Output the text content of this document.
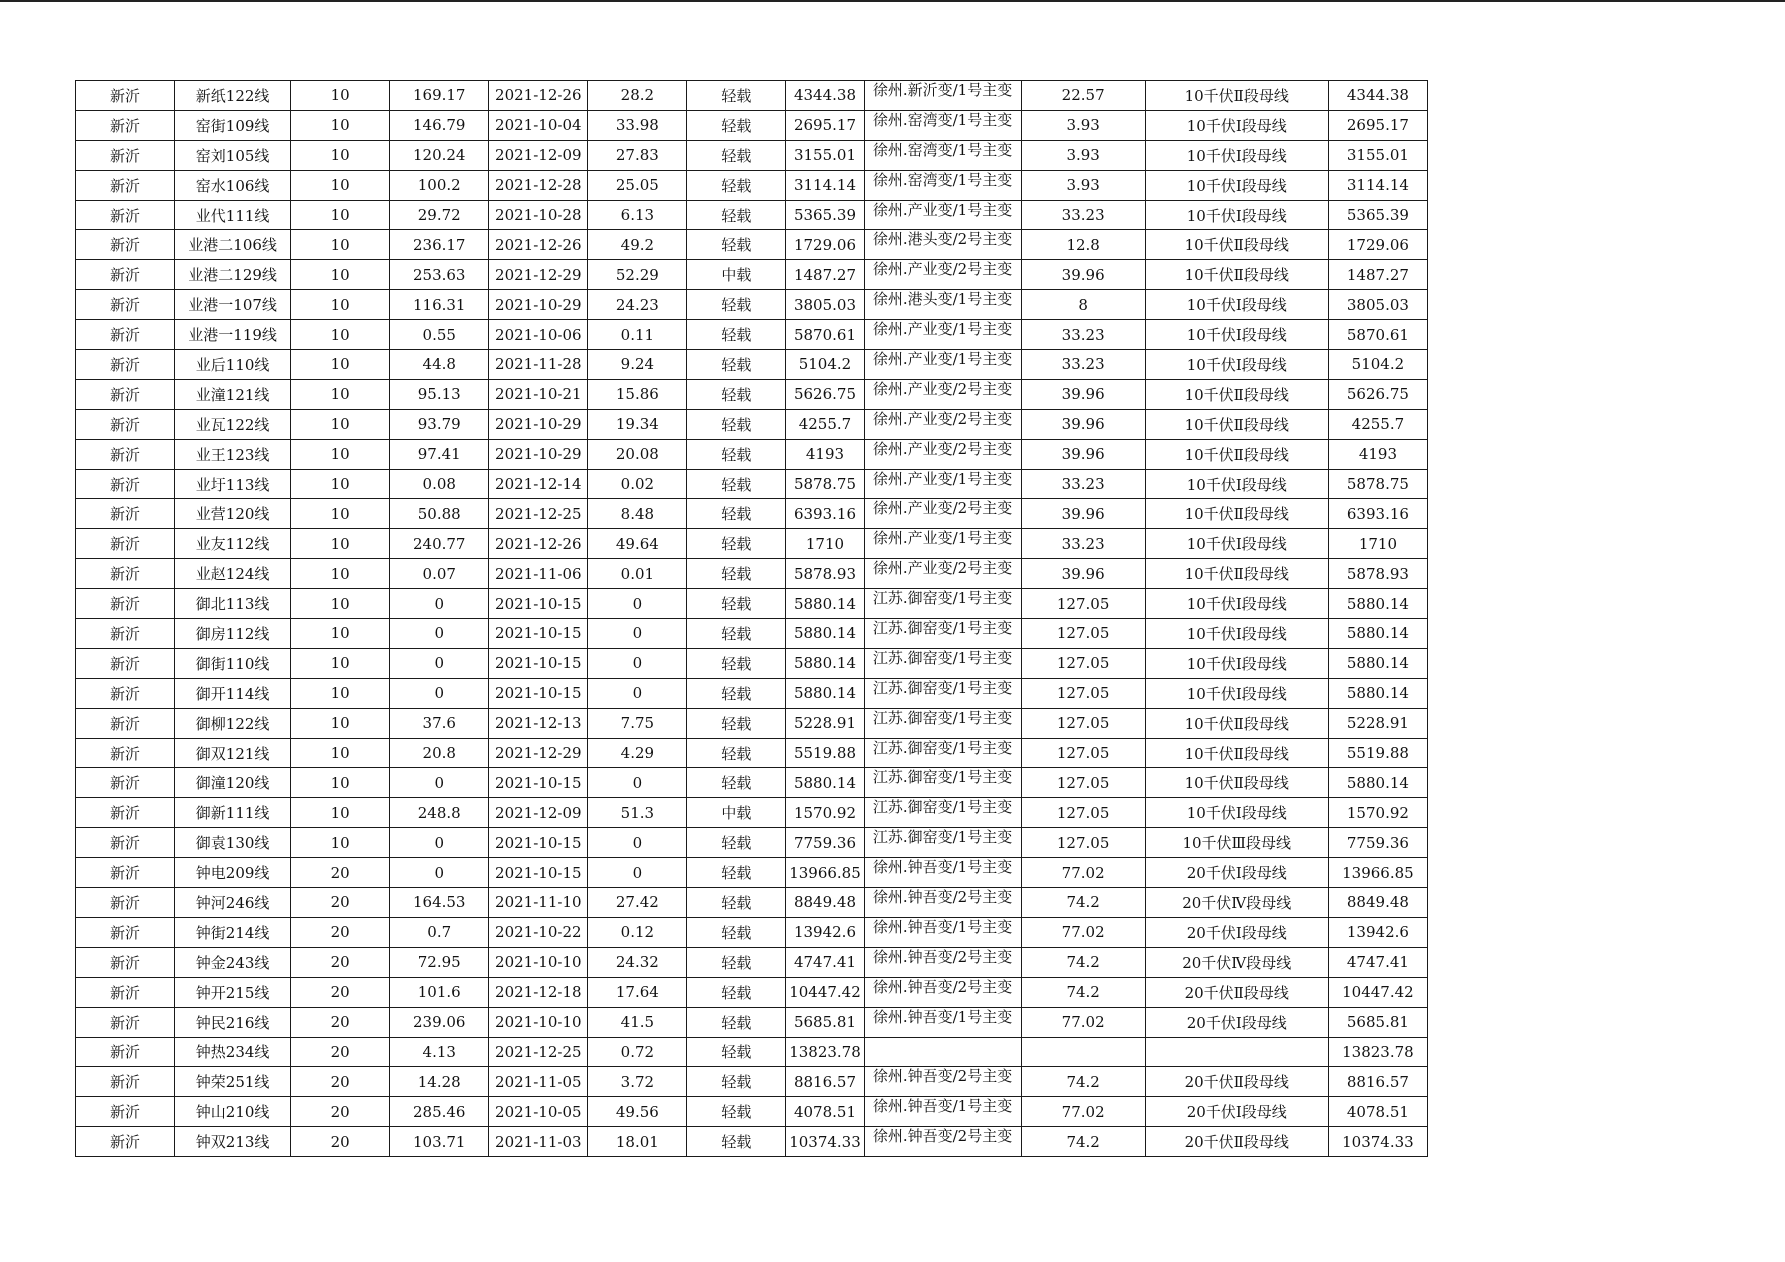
新沂	新纸122线	10	169.17	2021-12-26	28.2	轻载	4344.38	徐州.新沂变/1号主变	22.57	10千伏Ⅱ段母线	4344.38
新沂	窑街109线	10	146.79	2021-10-04	33.98	轻载	2695.17	徐州.窑湾变/1号主变	3.93	10千伏Ⅰ段母线	2695.17
新沂	窑刘105线	10	120.24	2021-12-09	27.83	轻载	3155.01	徐州.窑湾变/1号主变	3.93	10千伏Ⅰ段母线	3155.01
新沂	窑水106线	10	100.2	2021-12-28	25.05	轻载	3114.14	徐州.窑湾变/1号主变	3.93	10千伏Ⅰ段母线	3114.14
新沂	业代111线	10	29.72	2021-10-28	6.13	轻载	5365.39	徐州.产业变/1号主变	33.23	10千伏Ⅰ段母线	5365.39
新沂	业港二106线	10	236.17	2021-12-26	49.2	轻载	1729.06	徐州.港头变/2号主变	12.8	10千伏Ⅱ段母线	1729.06
新沂	业港二129线	10	253.63	2021-12-29	52.29	中载	1487.27	徐州.产业变/2号主变	39.96	10千伏Ⅱ段母线	1487.27
新沂	业港一107线	10	116.31	2021-10-29	24.23	轻载	3805.03	徐州.港头变/1号主变	8	10千伏Ⅰ段母线	3805.03
新沂	业港一119线	10	0.55	2021-10-06	0.11	轻载	5870.61	徐州.产业变/1号主变	33.23	10千伏Ⅰ段母线	5870.61
新沂	业后110线	10	44.8	2021-11-28	9.24	轻载	5104.2	徐州.产业变/1号主变	33.23	10千伏Ⅰ段母线	5104.2
新沂	业潼121线	10	95.13	2021-10-21	15.86	轻载	5626.75	徐州.产业变/2号主变	39.96	10千伏Ⅱ段母线	5626.75
新沂	业瓦122线	10	93.79	2021-10-29	19.34	轻载	4255.7	徐州.产业变/2号主变	39.96	10千伏Ⅱ段母线	4255.7
新沂	业王123线	10	97.41	2021-10-29	20.08	轻载	4193	徐州.产业变/2号主变	39.96	10千伏Ⅱ段母线	4193
新沂	业圩113线	10	0.08	2021-12-14	0.02	轻载	5878.75	徐州.产业变/1号主变	33.23	10千伏Ⅰ段母线	5878.75
新沂	业营120线	10	50.88	2021-12-25	8.48	轻载	6393.16	徐州.产业变/2号主变	39.96	10千伏Ⅱ段母线	6393.16
新沂	业友112线	10	240.77	2021-12-26	49.64	轻载	1710	徐州.产业变/1号主变	33.23	10千伏Ⅰ段母线	1710
新沂	业赵124线	10	0.07	2021-11-06	0.01	轻载	5878.93	徐州.产业变/2号主变	39.96	10千伏Ⅱ段母线	5878.93
新沂	御北113线	10	0	2021-10-15	0	轻载	5880.14	江苏.御窑变/1号主变	127.05	10千伏Ⅰ段母线	5880.14
新沂	御房112线	10	0	2021-10-15	0	轻载	5880.14	江苏.御窑变/1号主变	127.05	10千伏Ⅰ段母线	5880.14
新沂	御街110线	10	0	2021-10-15	0	轻载	5880.14	江苏.御窑变/1号主变	127.05	10千伏Ⅰ段母线	5880.14
新沂	御开114线	10	0	2021-10-15	0	轻载	5880.14	江苏.御窑变/1号主变	127.05	10千伏Ⅰ段母线	5880.14
新沂	御柳122线	10	37.6	2021-12-13	7.75	轻载	5228.91	江苏.御窑变/1号主变	127.05	10千伏Ⅱ段母线	5228.91
新沂	御双121线	10	20.8	2021-12-29	4.29	轻载	5519.88	江苏.御窑变/1号主变	127.05	10千伏Ⅱ段母线	5519.88
新沂	御潼120线	10	0	2021-10-15	0	轻载	5880.14	江苏.御窑变/1号主变	127.05	10千伏Ⅱ段母线	5880.14
新沂	御新111线	10	248.8	2021-12-09	51.3	中载	1570.92	江苏.御窑变/1号主变	127.05	10千伏Ⅰ段母线	1570.92
新沂	御袁130线	10	0	2021-10-15	0	轻载	7759.36	江苏.御窑变/1号主变	127.05	10千伏Ⅲ段母线	7759.36
新沂	钟电209线	20	0	2021-10-15	0	轻载	13966.85	徐州.钟吾变/1号主变	77.02	20千伏Ⅰ段母线	13966.85
新沂	钟河246线	20	164.53	2021-11-10	27.42	轻载	8849.48	徐州.钟吾变/2号主变	74.2	20千伏Ⅳ段母线	8849.48
新沂	钟街214线	20	0.7	2021-10-22	0.12	轻载	13942.6	徐州.钟吾变/1号主变	77.02	20千伏Ⅰ段母线	13942.6
新沂	钟金243线	20	72.95	2021-10-10	24.32	轻载	4747.41	徐州.钟吾变/2号主变	74.2	20千伏Ⅳ段母线	4747.41
新沂	钟开215线	20	101.6	2021-12-18	17.64	轻载	10447.42	徐州.钟吾变/2号主变	74.2	20千伏Ⅱ段母线	10447.42
新沂	钟民216线	20	239.06	2021-10-10	41.5	轻载	5685.81	徐州.钟吾变/1号主变	77.02	20千伏Ⅰ段母线	5685.81
新沂	钟热234线	20	4.13	2021-12-25	0.72	轻载	13823.78				13823.78
新沂	钟荣251线	20	14.28	2021-11-05	3.72	轻载	8816.57	徐州.钟吾变/2号主变	74.2	20千伏Ⅱ段母线	8816.57
新沂	钟山210线	20	285.46	2021-10-05	49.56	轻载	4078.51	徐州.钟吾变/1号主变	77.02	20千伏Ⅰ段母线	4078.51
新沂	钟双213线	20	103.71	2021-11-03	18.01	轻载	10374.33	徐州.钟吾变/2号主变	74.2	20千伏Ⅱ段母线	10374.33
